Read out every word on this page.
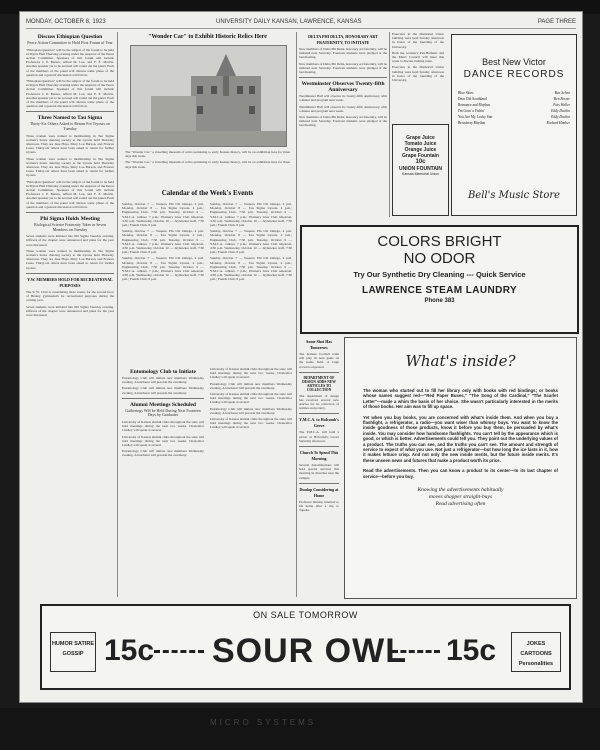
MONDAY, OCTOBER 8, 1923	UNIVERSITY DAILY KANSAN, LAWRENCE, KANSAS	PAGE THREE
Discuss Ethiopian Question
Peace Action Committee to Hold First Forum of Year

"Ethiopian Question" will be the subject of the forum to be held in Myers Hall Thursday evening under the auspices of the Peace Action Committee. Speakers of this forum will include Professors J. P. Barnes, Alfred M. Lee, and F. E. Melvin. Another speaker yet to be secured will round out the panel. Each of the members of the panel will discuss some phase of the question and a general discussion will follow.

"Ethiopian Question" will be the subject of the forum to be held in Myers Hall Thursday evening under the auspices of the Peace Action Committee. Speakers of this forum will include Professors J. P. Barnes, Alfred M. Lee, and F. E. Melvin. Another speaker yet to be secured will round out the panel. Each of the members of the panel will discuss some phase of the question and a general discussion will follow.

Three Named to Tau Sigma
Thirty-Six Others Asked to Return For Tryouts on Tuesday

Three women were named to membership in Tau Sigma women's honor dancing society at the tryouts held Thursday afternoon. They are Jane Hays, Mary Lou Burson, and Frances Jones. Thirty-six others have been asked to return for further tryouts.

Three women were named to membership in Tau Sigma women's honor dancing society at the tryouts held Thursday afternoon. They are Jane Hays, Mary Lou Burson, and Frances Jones. Thirty-six others have been asked to return for further tryouts.

"Ethiopian Question" will be the subject of the forum to be held in Myers Hall Thursday evening under the auspices of the Peace Action Committee. Speakers of this forum will include Professors J. P. Barnes, Alfred M. Lee, and F. E. Melvin. Another speaker yet to be secured will round out the panel. Each of the members of the panel will discuss some phase of the question and a general discussion will follow.

Phi Sigma Holds Meeting
Biological Science Fraternity Takes in Seven Members on Tuesday

Seven students were initiated into Phi Sigma Tuesday evening. Officers of the chapter were announced and plans for the year were discussed.

Three women were named to membership in Tau Sigma women's honor dancing society at the tryouts held Thursday afternoon. They are Jane Hays, Mary Lou Burson, and Frances Jones. Thirty-six others have been asked to return for further tryouts.

Y.W. MEMBERS HOLD FOR RECREATIONAL PURPOSES

The Y. W. Club is considering three events for the second floor of Henley gymnasium for recreational purposes during the coming year.

Seven students were initiated into Phi Sigma Tuesday evening. Officers of the chapter were announced and plans for the year were discussed.

"Wonder Car" to Exhibit Historic Relics Here

The "Wonder Car," a travelling museum of relics pertaining to early Kansas history, will be on exhibition here for three days this week.

The "Wonder Car," a travelling museum of relics pertaining to early Kansas history, will be on exhibition here for three days this week.

Calendar of the Week's Events

Sunday, October 7 — Vespers, Phi Chi Omega, 4 p.m. Monday, October 8 — Tau Sigma tryouts, 4 p.m.; Engineering Club, 7:30 p.m. Tuesday, October 9 — Y.M.C.A. cabinet, 7 p.m.; Women's Glee Club rehearsal, 4:30 p.m. Wednesday, October 10 — Jayhawker staff, 7:30 p.m.; French Club, 8 p.m.

Sunday, October 7 — Vespers, Phi Chi Omega, 4 p.m. Monday, October 8 — Tau Sigma tryouts, 4 p.m.; Engineering Club, 7:30 p.m. Tuesday, October 9 — Y.M.C.A. cabinet, 7 p.m.; Women's Glee Club rehearsal, 4:30 p.m. Wednesday, October 10 — Jayhawker staff, 7:30 p.m.; French Club, 8 p.m.

Sunday, October 7 — Vespers, Phi Chi Omega, 4 p.m. Monday, October 8 — Tau Sigma tryouts, 4 p.m.; Engineering Club, 7:30 p.m. Tuesday, October 9 — Y.M.C.A. cabinet, 7 p.m.; Women's Glee Club rehearsal, 4:30 p.m. Wednesday, October 10 — Jayhawker staff, 7:30 p.m.; French Club, 8 p.m.

Sunday, October 7 — Vespers, Phi Chi Omega, 4 p.m. Monday, October 8 — Tau Sigma tryouts, 4 p.m.; Engineering Club, 7:30 p.m. Tuesday, October 9 — Y.M.C.A. cabinet, 7 p.m.; Women's Glee Club rehearsal, 4:30 p.m. Wednesday, October 10 — Jayhawker staff, 7:30 p.m.; French Club, 8 p.m.

Sunday, October 7 — Vespers, Phi Chi Omega, 4 p.m. Monday, October 8 — Tau Sigma tryouts, 4 p.m.; Engineering Club, 7:30 p.m. Tuesday, October 9 — Y.M.C.A. cabinet, 7 p.m.; Women's Glee Club rehearsal, 4:30 p.m. Wednesday, October 10 — Jayhawker staff, 7:30 p.m.; French Club, 8 p.m.

Sunday, October 7 — Vespers, Phi Chi Omega, 4 p.m. Monday, October 8 — Tau Sigma tryouts, 4 p.m.; Engineering Club, 7:30 p.m. Tuesday, October 9 — Y.M.C.A. cabinet, 7 p.m.; Women's Glee Club rehearsal, 4:30 p.m. Wednesday, October 10 — Jayhawker staff, 7:30 p.m.; French Club, 8 p.m.

Entomology Club to Initiate

Entomology Club will initiate new members Wednesday evening. A luncheon will precede the ceremony.

Entomology Club will initiate new members Wednesday evening. A luncheon will precede the ceremony.

Alumni Meetings Scheduled
Gatherings Will be Held During Next Fourteen Days by Graduates

University of Kansas alumni clubs throughout the state will hold meetings during the next two weeks. Chancellor Lindley will speak at several.

University of Kansas alumni clubs throughout the state will hold meetings during the next two weeks. Chancellor Lindley will speak at several.

Entomology Club will initiate new members Wednesday evening. A luncheon will precede the ceremony.

University of Kansas alumni clubs throughout the state will hold meetings during the next two weeks. Chancellor Lindley will speak at several.

Entomology Club will initiate new members Wednesday evening. A luncheon will precede the ceremony.

University of Kansas alumni clubs throughout the state will hold meetings during the next two weeks. Chancellor Lindley will speak at several.

Entomology Club will initiate new members Wednesday evening. A luncheon will precede the ceremony.

University of Kansas alumni clubs throughout the state will hold meetings during the next two weeks. Chancellor Lindley will speak at several.

DELTA PHI DELTA, HONORARY ART FRATERNITY, TO INITIATE

New members of Delta Phi Delta, honorary art fraternity, will be initiated next Saturday. Fourteen students were pledged at the last meeting.

New members of Delta Phi Delta, honorary art fraternity, will be initiated next Saturday. Fourteen students were pledged at the last meeting.

Westminster Observes Twenty-fifth Anniversary

Westminster Hall will observe its twenty-fifth anniversary with a dinner and program next week.

Westminster Hall will observe its twenty-fifth anniversary with a dinner and program next week.

New members of Delta Phi Delta, honorary art fraternity, will be initiated next Saturday. Fourteen students were pledged at the last meeting.

Exercises in the Memorial Union building were held Sunday afternoon in honor of the founding of the University.

Both the women's Pan-Hellenic and the Men's Council will meet this week to discuss rushing rules.

Exercises in the Memorial Union building were held Sunday afternoon in honor of the founding of the University.

Grape Juice
Tomato Juice
Orange Juice
Grape Fountain
10c
UNION FOUNTAIN
Kansas Memorial Union
Best New Victor
DANCE RECORDS
Blue Skies	Ben Selvin
Dear Old Southland	Ben Bernie
Romance and Rhythm	Fats Waller
I'm Goin' a Fishin'	Eddy Duchin
You Are My Lucky Star	Eddy Duchin
Broadway Rhythm	Richard Himber
Bell's Music Store
COLORS BRIGHT
NO ODOR
Try Our Synthetic Dry Cleaning --- Quick Service
LAWRENCE STEAM LAUNDRY
Phone 383
Some Shot Has Tomorrow

The Kansas football team will play its next game on the home field. A large crowd is expected.

DEPARTMENT OF DESIGN ADDS NEW ARTICLES TO COLLECTION

The department of design has received several new articles for its collection of textiles and pottery.

Y.M.C.A. to Holcomb's Grove

The Y.M.C.A. will hold a picnic at Holcomb's Grove Saturday afternoon.

Church To Spend This Morning

Several denominations will hold special services this morning in churches near the campus.

Dunlop Considering at Home

Professor Dunlop returned to his home after a trip to Topeka.

What's inside?

The woman who started out to fill her library only with books with red bindings; or books whose names suggest red—"Red Paper Buses," "The Song of the Cardinal," "The Scarlet Letter"—made a whim the basis of her choice. She wasn't particularly interested in the merits of those books. Her aim was to fill up space.

Yet when you buy books, you are concerned with what's inside them. And when you buy a flashlight, a refrigerator, a radio—you want wiser than whimsy buys. You want to know the inside goodness of those products, know it before you buy them, be persuaded by what's inside. You may consider how handsome flashlights. You can't tell by the appearance which is good, or which is better. Advertisements could tell you. They point out the underlying values of a product. The truths you can see, and the truths you can't see. The amount and strength of service to expect of what you use. Not just a refrigerator—but how long the ice lasts in it, how it makes lettuce crisp. And not only the new inside merits, but the future inside merits. It's these unseen news and futures that make a product worth its price.

Read the advertisements. Then you can know a product to its center—to its last chapter of service—before you buy.

Knowing the advertisements habitually
moves shopper straight-buys
Read advertising often
ON SALE TOMORROW
HUMOR SATIRE GOSSIP 15c SOUR OWL 15c	JOKES CARTOONS Personalities
MICRO SYSTEMS
